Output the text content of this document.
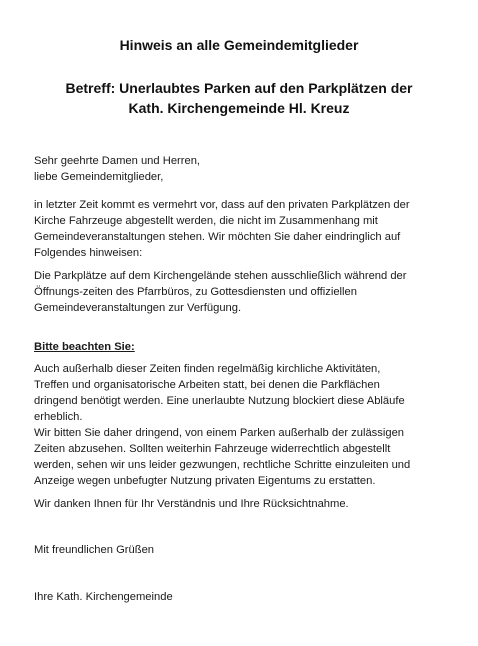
Hinweis an alle Gemeindemitglieder
Betreff: Unerlaubtes Parken auf den Parkplätzen der
Kath. Kirchengemeinde Hl. Kreuz
Sehr geehrte Damen und Herren,
liebe Gemeindemitglieder,
in letzter Zeit kommt es vermehrt vor, dass auf den privaten Parkplätzen der
Kirche Fahrzeuge abgestellt werden, die nicht im Zusammenhang mit
Gemeindeveranstaltungen stehen. Wir möchten Sie daher eindringlich auf
Folgendes hinweisen:
Die Parkplätze auf dem Kirchengelände stehen ausschließlich während der
Öffnungs-zeiten des Pfarrbüros, zu Gottesdiensten und offiziellen
Gemeindeveranstaltungen zur Verfügung.
Bitte beachten Sie:
Auch außerhalb dieser Zeiten finden regelmäßig kirchliche Aktivitäten,
Treffen und organisatorische Arbeiten statt, bei denen die Parkflächen
dringend benötigt werden. Eine unerlaubte Nutzung blockiert diese Abläufe
erheblich.
Wir bitten Sie daher dringend, von einem Parken außerhalb der zulässigen
Zeiten abzusehen. Sollten weiterhin Fahrzeuge widerrechtlich abgestellt
werden, sehen wir uns leider gezwungen, rechtliche Schritte einzuleiten und
Anzeige wegen unbefugter Nutzung privaten Eigentums zu erstatten.
Wir danken Ihnen für Ihr Verständnis und Ihre Rücksichtnahme.
Mit freundlichen Grüßen
Ihre Kath. Kirchengemeinde
